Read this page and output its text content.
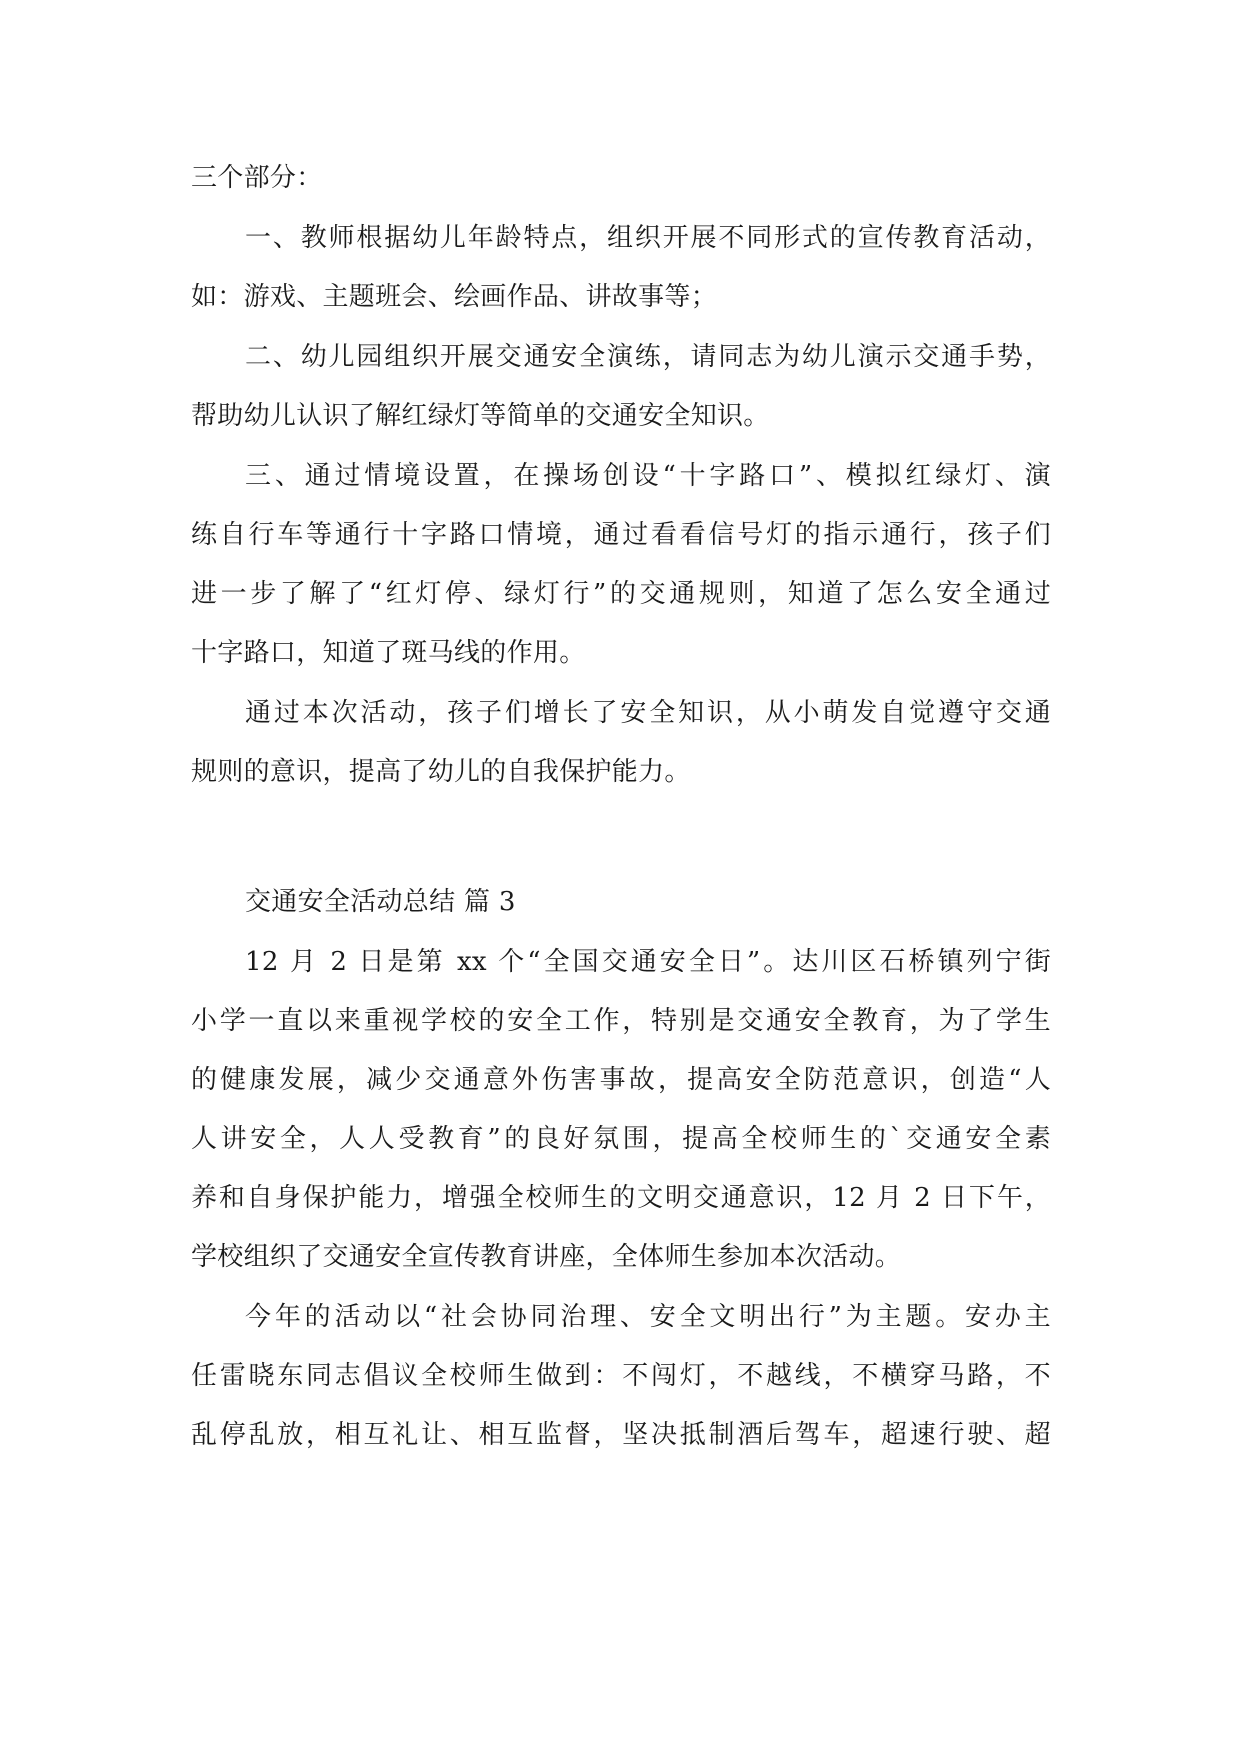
三个部分：
一、教师根据幼儿年龄特点，组织开展不同形式的宣传教育活动，
如：游戏、主题班会、绘画作品、讲故事等；
二、幼儿园组织开展交通安全演练，请同志为幼儿演示交通手势，
帮助幼儿认识了解红绿灯等简单的交通安全知识。
三、通过情境设置，在操场创设“十字路口”、模拟红绿灯、演
练自行车等通行十字路口情境，通过看看信号灯的指示通行，孩子们
进一步了解了“红灯停、绿灯行”的交通规则，知道了怎么安全通过
十字路口，知道了斑马线的作用。
通过本次活动，孩子们增长了安全知识，从小萌发自觉遵守交通
规则的意识，提高了幼儿的自我保护能力。
交通安全活动总结 篇 3
12 月 2 日是第 xx 个“全国交通安全日”。达川区石桥镇列宁街
小学一直以来重视学校的安全工作，特别是交通安全教育，为了学生
的健康发展，减少交通意外伤害事故，提高安全防范意识，创造“人
人讲安全，人人受教育”的良好氛围，提高全校师生的`交通安全素
养和自身保护能力，增强全校师生的文明交通意识，12 月 2 日下午，
学校组织了交通安全宣传教育讲座，全体师生参加本次活动。
今年的活动以“社会协同治理、安全文明出行”为主题。安办主
任雷晓东同志倡议全校师生做到：不闯灯，不越线，不横穿马路，不
乱停乱放，相互礼让、相互监督，坚决抵制酒后驾车，超速行驶、超
